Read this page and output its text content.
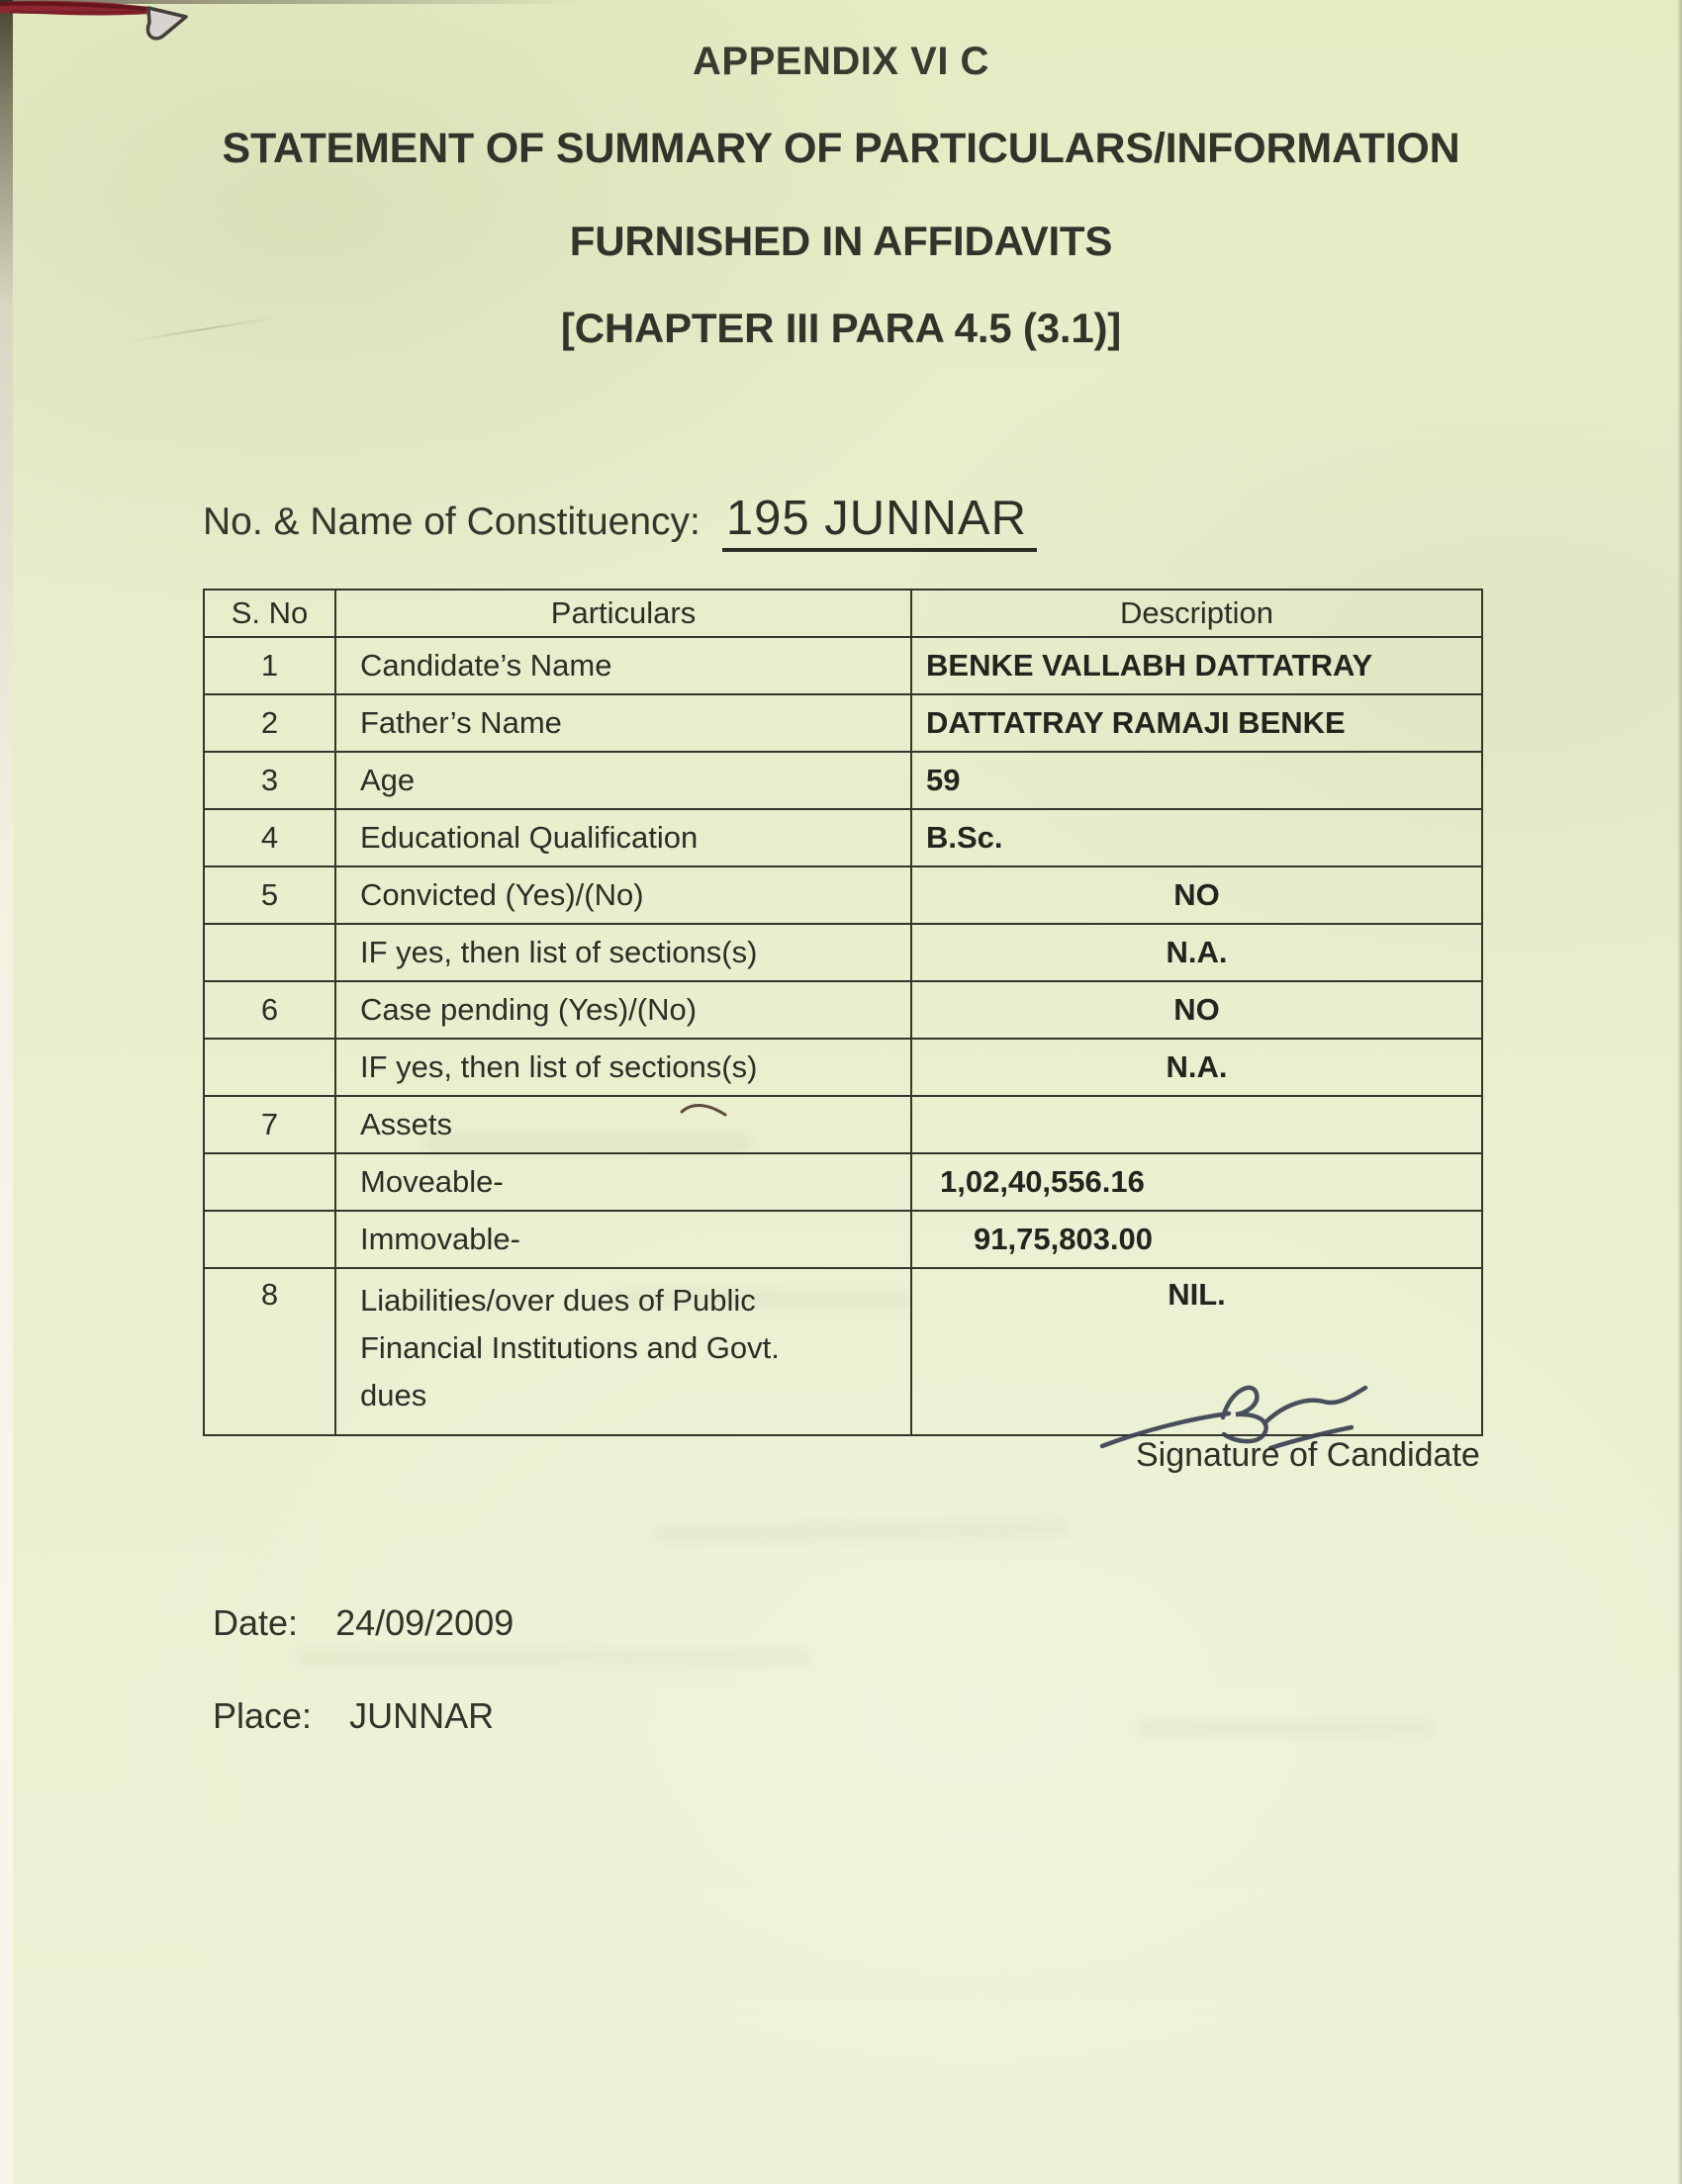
APPENDIX VI C
STATEMENT OF SUMMARY OF PARTICULARS/INFORMATION
FURNISHED IN AFFIDAVITS
[CHAPTER III PARA 4.5 (3.1)]
No. & Name of Constituency: 195 JUNNAR
S. No	Particulars	Description
1	Candidate’s Name	BENKE VALLABH DATTATRAY
2	Father’s Name	DATTATRAY RAMAJI BENKE
3	Age	59
4	Educational Qualification	B.Sc.
5	Convicted (Yes)/(No)	NO
	IF yes, then list of sections(s)	N.A.
6	Case pending (Yes)/(No)	NO
	IF yes, then list of sections(s)	N.A.
7	Assets	
	Moveable-	1,02,40,556.16
	Immovable-	91,75,803.00
8	Liabilities/over dues of Public Financial Institutions and Govt. dues	NIL.
Signature of Candidate
Date: 24/09/2009
Place: JUNNAR
